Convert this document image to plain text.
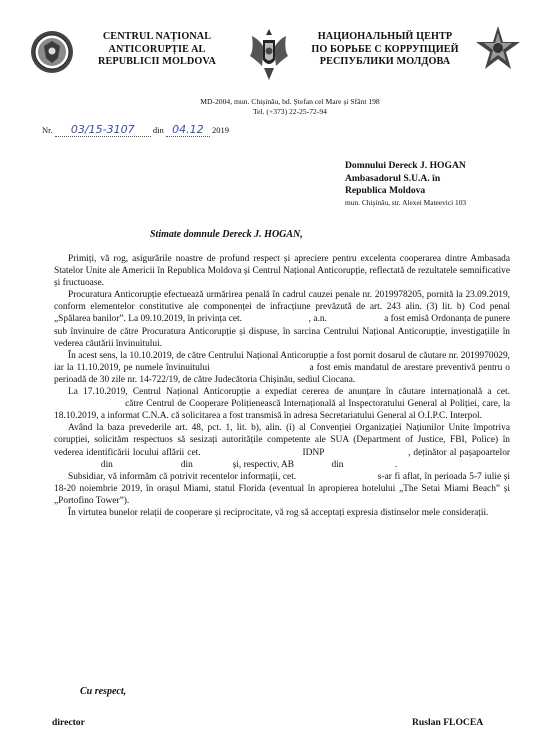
CENTRUL NAȚIONAL
ANTICORUPȚIE AL
REPUBLICII MOLDOVA
НАЦИОНАЛЬНЫЙ ЦЕНТР
ПО БОРЬБЕ С КОРРУПЦИЕЙ
РЕСПУБЛИКИ МОЛДОВА
MD-2004, mun. Chișinău, bd. Ștefan cel Mare și Sfânt 198
Tel. (+373) 22-25-72-94
Nr. 03/15-3107 din 04.12 2019
Domnului Dereck J. HOGAN
Ambasadorul S.U.A. în
Republica Moldova
mun. Chișinău, str. Alexei Mateevici 103
Stimate domnule Dereck J. HOGAN,

Primiți, vă rog, asigurările noastre de profund respect și apreciere pentru excelenta cooperarea dintre Ambasada Statelor Unite ale Americii în Republica Moldova și Centrul Național Anticorupție, reflectată de rezultatele semnificative și fructuoase.

Procuratura Anticorupție efectuează urmărirea penală în cadrul cauzei penale nr. 2019978205, pornită la 23.09.2019, conform elementelor constitutive ale componenței de infracțiune prevăzută de art. 243 alin. (3) lit. b) Cod penal „Spălarea banilor”. La 09.10.2019, în privința cet.                            , a.n.                        a fost emisă Ordonanța de punere sub învinuire de către Procuratura Anticorupție și dispuse, în sarcina Centrului Național Anticorupție, investigațiile în vederea căutării învinuitului.

În acest sens, la 10.10.2019, de către Centrului Național Anticorupție a fost pornit dosarul de căutare nr. 2019970029, iar la 11.10.2019, pe numele învinuitului                                  a fost emis mandatul de arestare preventivă pentru o perioadă de 30 zile nr. 14-722/19, de către Judecătoria Chișinău, sediul Ciocana.

La 17.10.2019, Centrul Național Anticorupție a expediat cererea de anunțare în căutare internațională a cet.                         către Centrul de Cooperare Polițienească Internațională al Inspectoratului General al Poliției, care, la 18.10.2019, a informat C.N.A. că solicitarea a fost transmisă în adresa Secretariatului General al O.I.P.C. Interpol.

Având la baza prevederile art. 48, pct. 1, lit. b), alin. (i) al Convenției Organizației Națiunilor Unite împotriva corupției, solicităm respectuos să sesizați autoritățile competente ale SUA (Department of Justice, FBI, Police) în vederea identificării locului aflării cet.                                  IDNP                            , deținător al pașapoartelor                     din                             din                 și, respectiv, AB                din                      .

Subsidiar, vă informăm că potrivit recentelor informații, cet.                               s-ar fi aflat, în perioada 5-7 iulie și 18-20 noiembrie 2019, în orașul Miami, statul Florida (eventual în apropierea hotelului „The Setai Miami Beach” și „Portofino Tower”).

În virtutea bunelor relații de cooperare și reciprocitate, vă rog să acceptați expresia distinselor mele considerații.

Cu respect,
director	Ruslan FLOCEA
